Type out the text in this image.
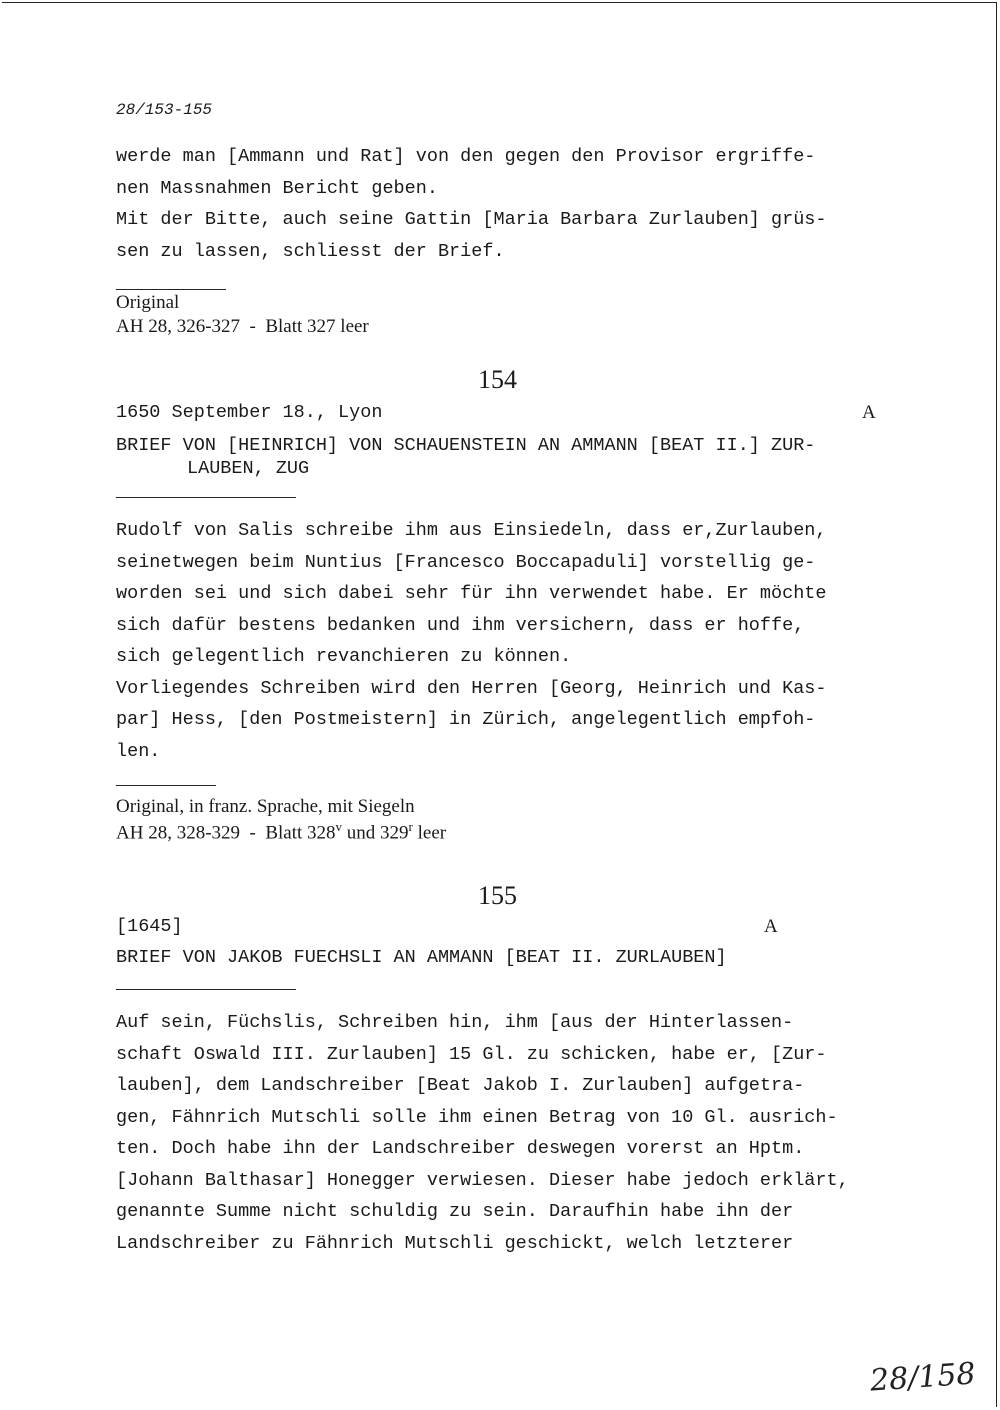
28/153-155
werde man [Ammann und Rat] von den gegen den Provisor ergriffe-
nen Massnahmen Bericht geben.
Mit der Bitte, auch seine Gattin [Maria Barbara Zurlauben] grüs-
sen zu lassen, schliesst der Brief.
Original
AH 28, 326-327  -  Blatt 327 leer
154
1650 September 18., Lyon	A
BRIEF VON [HEINRICH] VON SCHAUENSTEIN AN AMMANN [BEAT II.] ZUR-
LAUBEN, ZUG
Rudolf von Salis schreibe ihm aus Einsiedeln, dass er,Zurlauben,
seinetwegen beim Nuntius [Francesco Boccapaduli] vorstellig ge-
worden sei und sich dabei sehr für ihn verwendet habe. Er möchte
sich dafür bestens bedanken und ihm versichern, dass er hoffe,
sich gelegentlich revanchieren zu können.
Vorliegendes Schreiben wird den Herren [Georg, Heinrich und Kas-
par] Hess, [den Postmeistern] in Zürich, angelegentlich empfoh-
len.
Original, in franz. Sprache, mit Siegeln
AH 28, 328-329  -  Blatt 328$^v$ und 329$^r$ leer
155
[1645]	A
BRIEF VON JAKOB FUECHSLI AN AMMANN [BEAT II. ZURLAUBEN]
Auf sein, Füchslis, Schreiben hin, ihm [aus der Hinterlassen-
schaft Oswald III. Zurlauben] 15 Gl. zu schicken, habe er, [Zur-
lauben], dem Landschreiber [Beat Jakob I. Zurlauben] aufgetra-
gen, Fähnrich Mutschli solle ihm einen Betrag von 10 Gl. ausrich-
ten. Doch habe ihn der Landschreiber deswegen vorerst an Hptm.
[Johann Balthasar] Honegger verwiesen. Dieser habe jedoch erklärt,
genannte Summe nicht schuldig zu sein. Daraufhin habe ihn der
Landschreiber zu Fähnrich Mutschli geschickt, welch letzterer
28/158
